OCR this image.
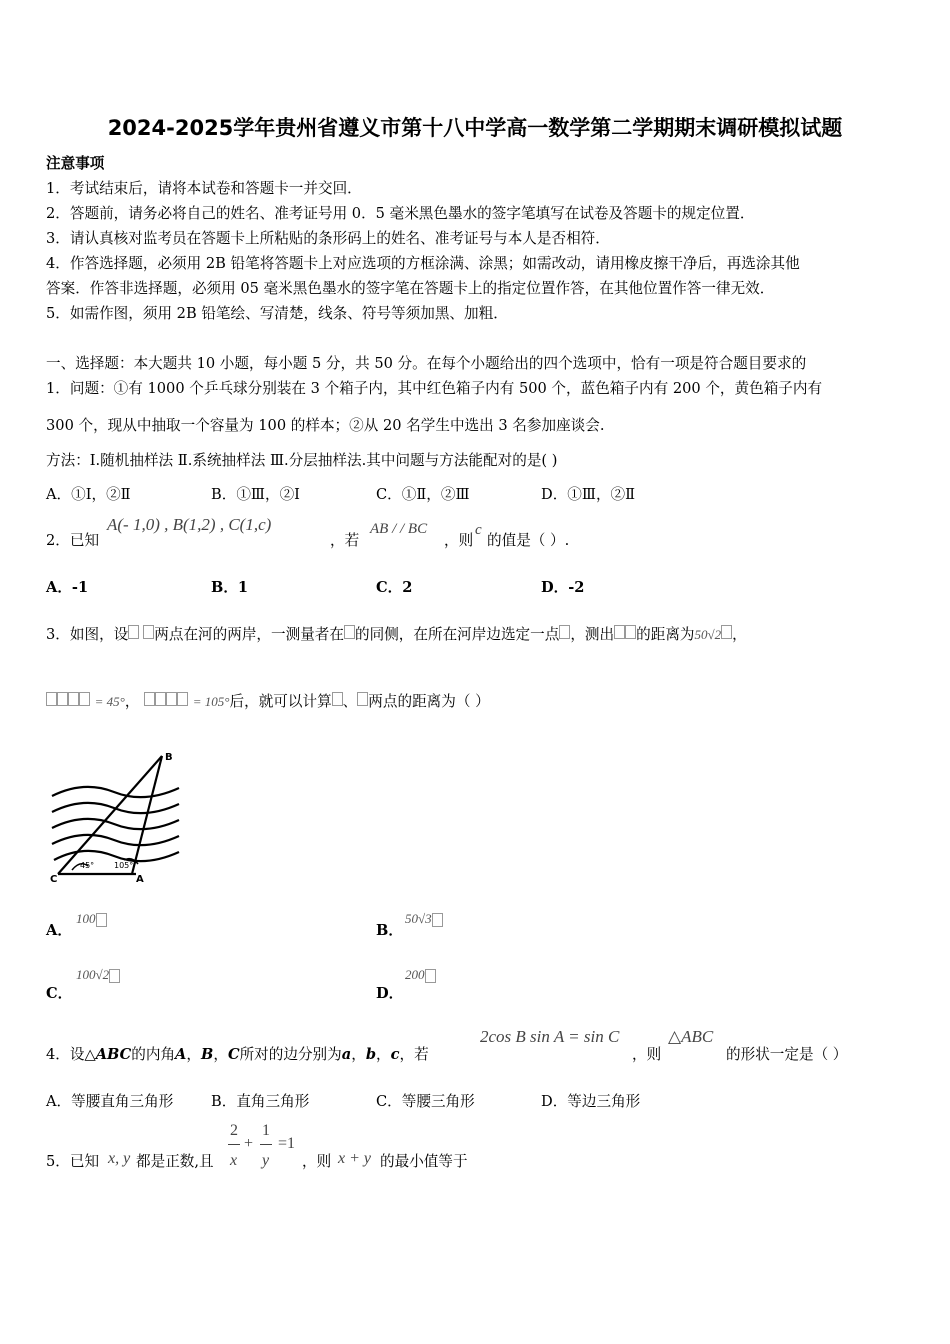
2024-2025学年贵州省遵义市第十八中学高一数学第二学期期末调研模拟试题
注意事项
1．考试结束后，请将本试卷和答题卡一并交回．
2．答题前，请务必将自己的姓名、准考证号用 0．5 毫米黑色墨水的签字笔填写在试卷及答题卡的规定位置．
3．请认真核对监考员在答题卡上所粘贴的条形码上的姓名、准考证号与本人是否相符．
4．作答选择题，必须用 2B 铅笔将答题卡上对应选项的方框涂满、涂黑；如需改动，请用橡皮擦干净后，再选涂其他
答案．作答非选择题，必须用 05 毫米黑色墨水的签字笔在答题卡上的指定位置作答，在其他位置作答一律无效．
5．如需作图，须用 2B 铅笔绘、写清楚，线条、符号等须加黑、加粗．
一、选择题：本大题共 10 小题，每小题 5 分，共 50 分。在每个小题给出的四个选项中，恰有一项是符合题目要求的
1．问题：①有 1000 个乒乓球分别装在 3 个箱子内，其中红色箱子内有 500 个，蓝色箱子内有 200 个，黄色箱子内有
300 个，现从中抽取一个容量为 100 的样本；②从 20 名学生中选出 3 名参加座谈会.
方法：Ⅰ.随机抽样法 Ⅱ.系统抽样法 Ⅲ.分层抽样法.其中问题与方法能配对的是( )
A．①Ⅰ，②Ⅱ	B．①Ⅲ，②Ⅰ	C．①Ⅱ，②Ⅲ	D．①Ⅲ，②Ⅱ
2．已知
A(- 1,0) , B(1,2) , C(1,c)
，若
AB / / BC
，则
c
的值是（ ）.
A．-1	B．1	C．2	D．-2
3．如图，设 两点在河的两岸，一测量者在 的同侧，在所在河岸边选定一点 ，测出 的距离为50√2 ，
= 45°，	= 105°后，就可以计算 、 两点的距离为（ ）
B
C	A
45° 105°
A．
100
B．
50√3
C．
100√2
D．
200
4．设△ABC的内角A，B，C所对的边分别为a，b，c，若
2cos B sin A = sin C
，则
△ABC
的形状一定是（ ）
A．等腰直角三角形	B．直角三角形	C．等腰三角形	D．等边三角形
5．已知 x, y 都是正数,且
2
x
+
1
y
=1
，则 x + y 的最小值等于
